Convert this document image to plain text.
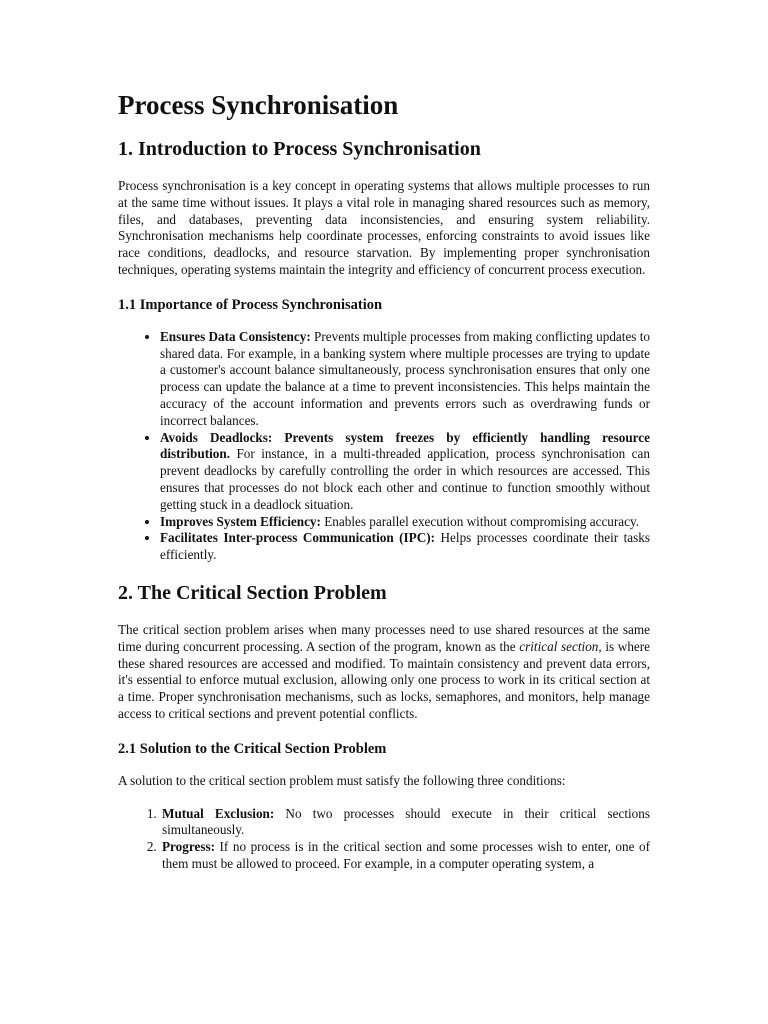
Process Synchronisation
1. Introduction to Process Synchronisation

Process synchronisation is a key concept in operating systems that allows multiple processes to run at the same time without issues. It plays a vital role in managing shared resources such as memory, files, and databases, preventing data inconsistencies, and ensuring system reliability. Synchronisation mechanisms help coordinate processes, enforcing constraints to avoid issues like race conditions, deadlocks, and resource starvation. By implementing proper synchronisation techniques, operating systems maintain the integrity and efficiency of concurrent process execution.

1.1 Importance of Process Synchronisation
• Ensures Data Consistency: Prevents multiple processes from making conflicting updates to shared data. For example, in a banking system where multiple processes are trying to update a customer's account balance simultaneously, process synchronisation ensures that only one process can update the balance at a time to prevent inconsistencies. This helps maintain the accuracy of the account information and prevents errors such as overdrawing funds or incorrect balances.
• Avoids Deadlocks: Prevents system freezes by efficiently handling resource distribution. For instance, in a multi-threaded application, process synchronisation can prevent deadlocks by carefully controlling the order in which resources are accessed. This ensures that processes do not block each other and continue to function smoothly without getting stuck in a deadlock situation.
• Improves System Efficiency: Enables parallel execution without compromising accuracy.
• Facilitates Inter-process Communication (IPC): Helps processes coordinate their tasks efficiently.
2. The Critical Section Problem

The critical section problem arises when many processes need to use shared resources at the same time during concurrent processing. A section of the program, known as the critical section, is where these shared resources are accessed and modified. To maintain consistency and prevent data errors, it's essential to enforce mutual exclusion, allowing only one process to work in its critical section at a time. Proper synchronisation mechanisms, such as locks, semaphores, and monitors, help manage access to critical sections and prevent potential conflicts.

2.1 Solution to the Critical Section Problem

A solution to the critical section problem must satisfy the following three conditions:

1. Mutual Exclusion: No two processes should execute in their critical sections simultaneously.
2. Progress: If no process is in the critical section and some processes wish to enter, one of them must be allowed to proceed. For example, in a computer operating system, a
